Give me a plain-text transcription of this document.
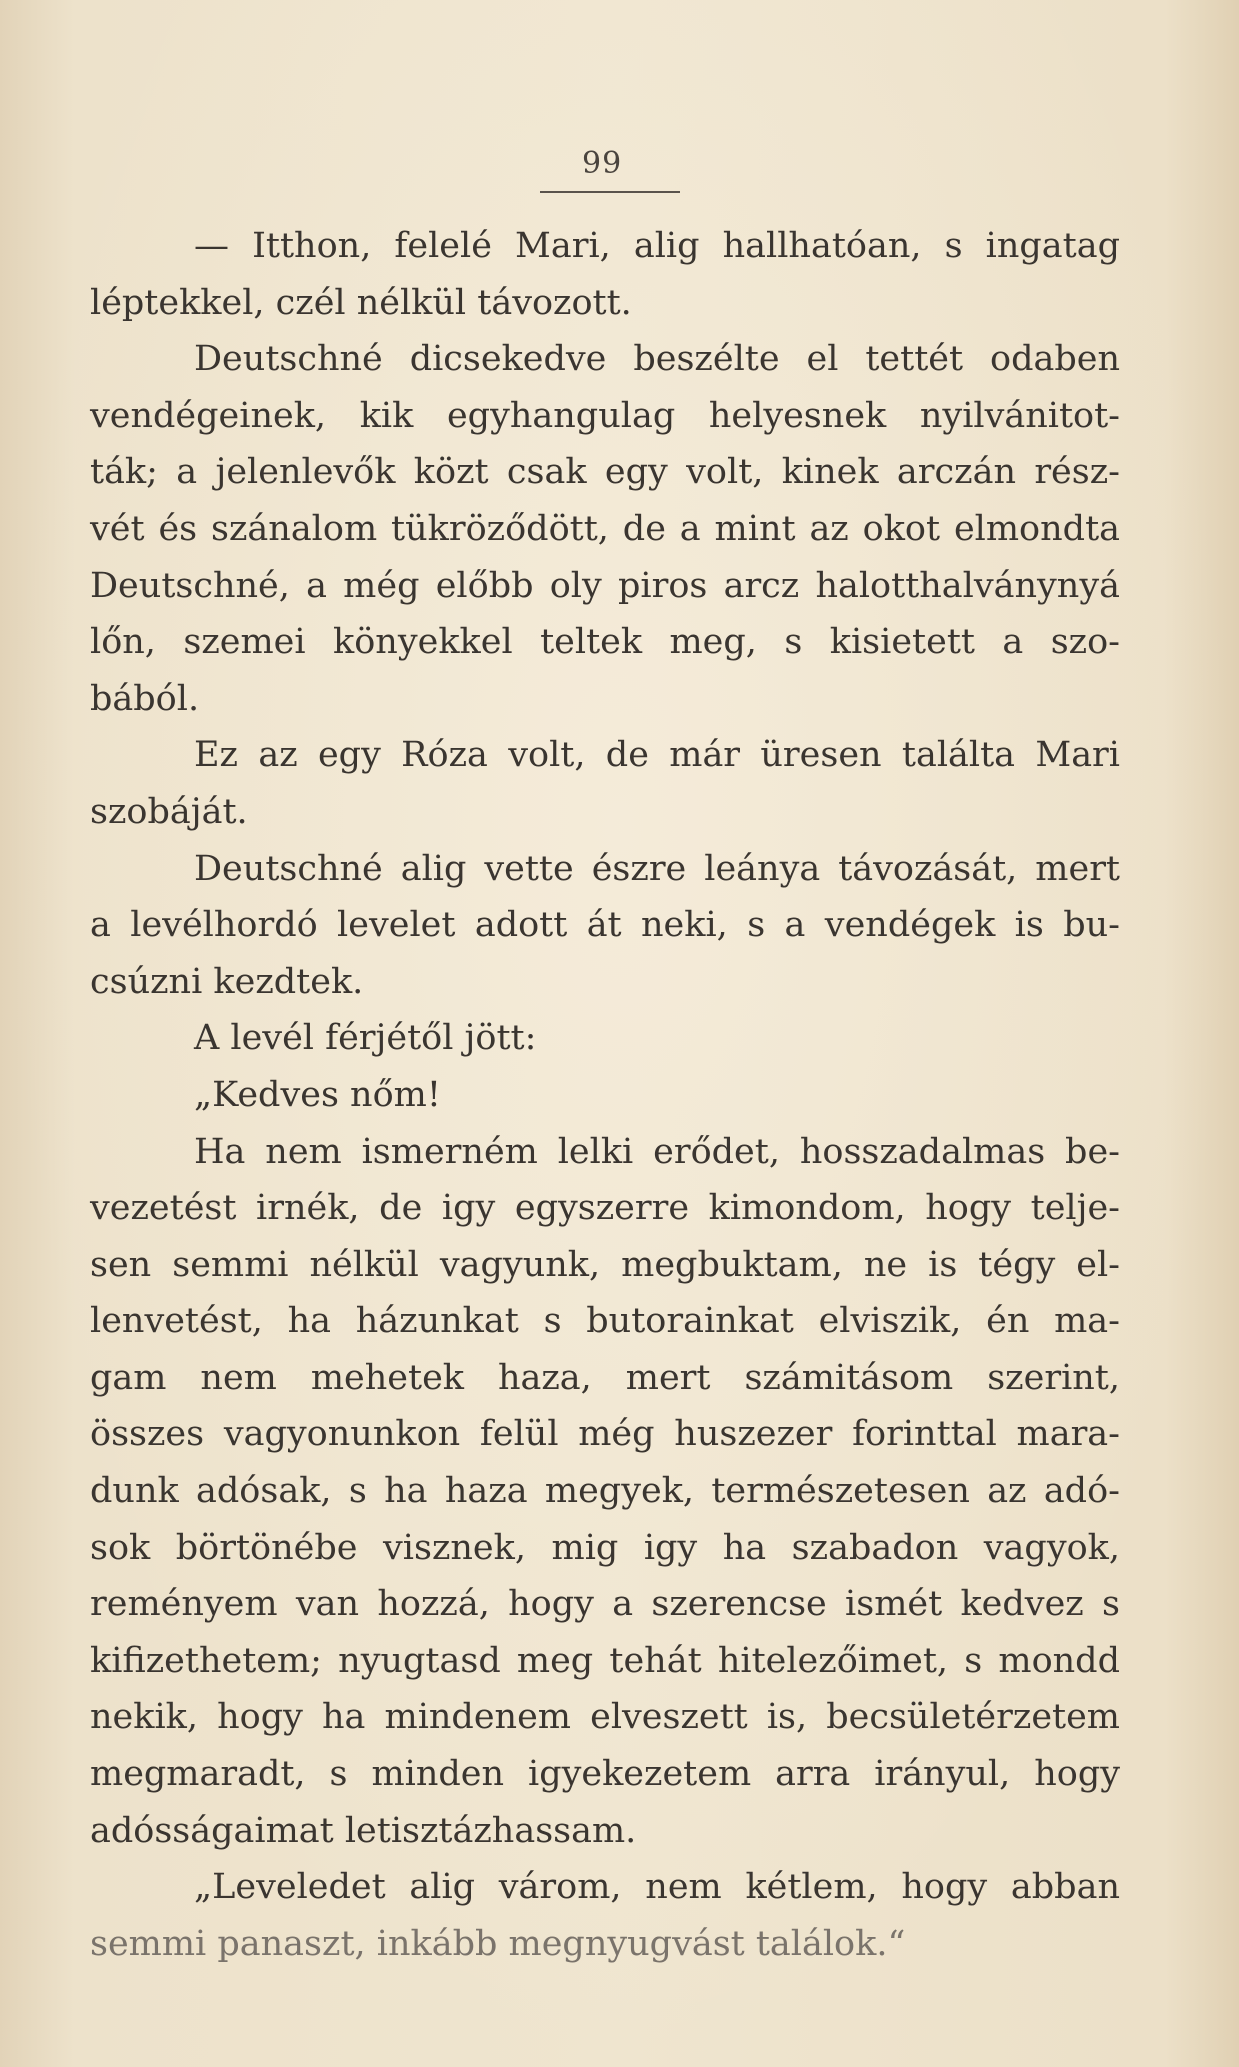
99
— Itthon, felelé Mari, alig hallhatóan, s ingatag
léptekkel, czél nélkül távozott.
Deutschné dicsekedve beszélte el tettét odaben
vendégeinek, kik egyhangulag helyesnek nyilvánitot-
ták; a jelenlevők közt csak egy volt, kinek arczán rész-
vét és szánalom tükröződött, de a mint az okot elmondta
Deutschné, a még előbb oly piros arcz halotthalványnyá
lőn, szemei könyekkel teltek meg, s kisietett a szo-
bából.
Ez az egy Róza volt, de már üresen találta Mari
szobáját.
Deutschné alig vette észre leánya távozását, mert
a levélhordó levelet adott át neki, s a vendégek is bu-
csúzni kezdtek.
A levél férjétől jött:
„Kedves nőm!
Ha nem ismerném lelki erődet, hosszadalmas be-
vezetést irnék, de igy egyszerre kimondom, hogy telje-
sen semmi nélkül vagyunk, megbuktam, ne is tégy el-
lenvetést, ha házunkat s butorainkat elviszik, én ma-
gam nem mehetek haza, mert számitásom szerint,
összes vagyonunkon felül még huszezer forinttal mara-
dunk adósak, s ha haza megyek, természetesen az adó-
sok börtönébe visznek, mig igy ha szabadon vagyok,
reményem van hozzá, hogy a szerencse ismét kedvez s
kifizethetem; nyugtasd meg tehát hitelezőimet, s mondd
nekik, hogy ha mindenem elveszett is, becsületérzetem
megmaradt, s minden igyekezetem arra irányul, hogy
adósságaimat letisztázhassam.
„Leveledet alig várom, nem kétlem, hogy abban
semmi panaszt, inkább megnyugvást találok.“
